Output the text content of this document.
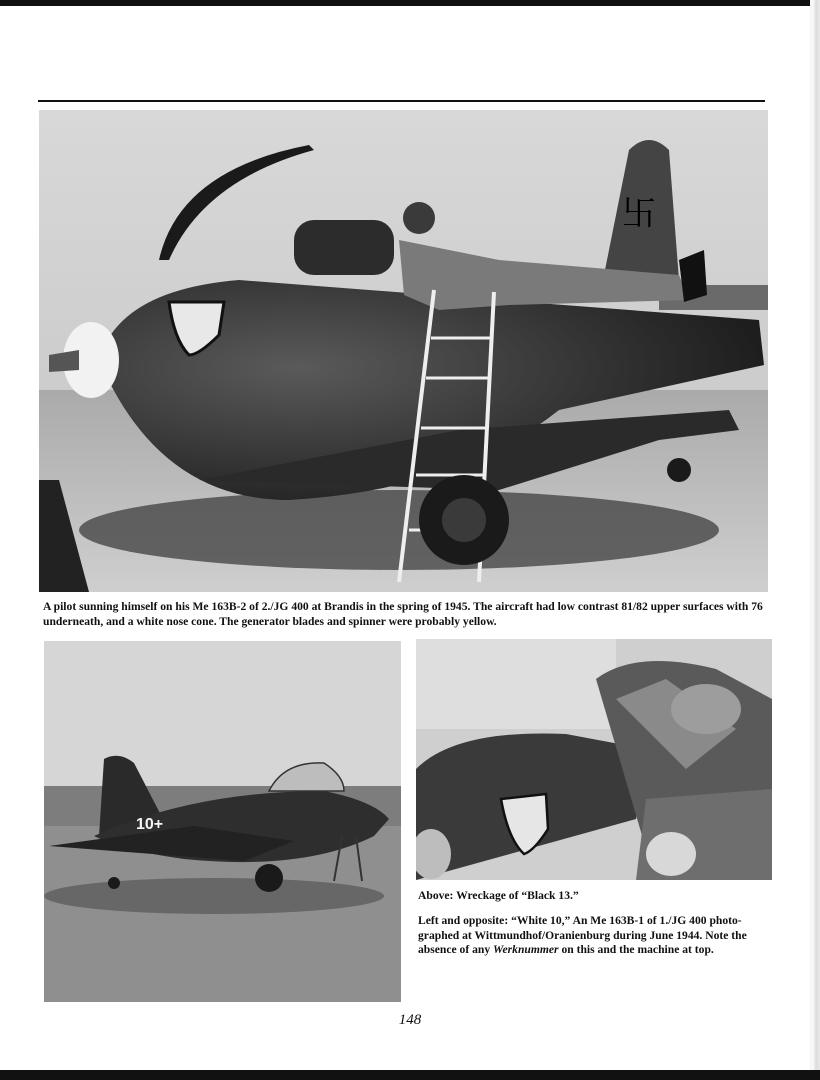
卐

A pilot sunning himself on his Me 163B-2 of 2./JG 400 at Brandis in the spring of 1945. The aircraft had low contrast 81/82 upper surfaces with 76 underneath, and a white nose cone. The generator blades and spinner were probably yellow.

10+

Above: Wreckage of “Black 13.”

Left and opposite: “White 10,” An Me 163B-1 of 1./JG 400 photo-graphed at Wittmundhof/Oranienburg during June 1944. Note the absence of any Werknummer on this and the machine at top.

148
